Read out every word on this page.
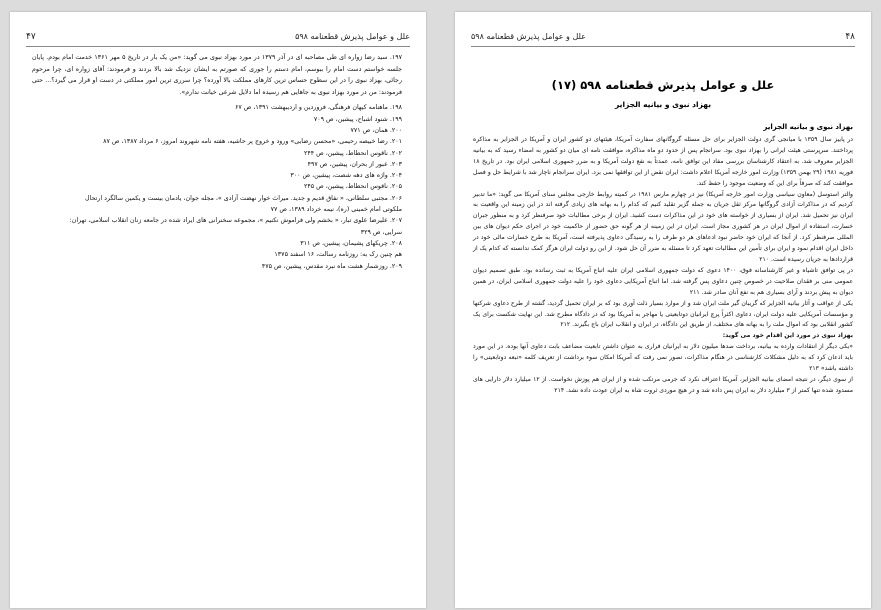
۴۷	علل و عوامل پذیرش قطعنامه ۵۹۸

۱۹۷. سید رضا زواره ای طی مصاحبه ای در آذر ۱۳۷۹ در مورد بهزاد نبوی می گوید: «من یک بار در تاریخ ۵ مهر ۱۳۶۱ خدمت امام بودم. پایان جلسه خواستم دست امام را ببوسم، امام دستم را جوری که صورتم به ایشان نزدیک شد بالا بردند و فرمودند: آقای زواره ای، چرا مرحوم رجائی، بهزاد نبوی را در این سطوح حساس ترین کارهای مملکت بالا آورده؟ چرا سرری ترین امور مملکتی در دست او قرار می گیرد؟... حتی فرمودند: من در مورد بهزاد نبوی به جاهایی هم رسیده اما دلایل شرعی خیانت ندارم».

۱۹۸. ماهنامه کیهان فرهنگی، فروردین و اردیبهشت ۱۳۹۱، ص ۶۷

۱۹۹. شنود اشباح، پیشین، ص ۷۰۹

۲۰۰. همان، ص ۷۷۱

۲۰۱. رضا خبیصه رحیمی، «محسن رضایی» ورود و خروج پر حاشیه، هفته نامه شهروند امروز، ۶ مرداد ۱۳۸۷، ص ۸۷

۲۰۲. ناقوس انحطاط، پیشین، ص ۲۴۴

۲۰۳. عبور از بحران، پیشین، ص ۴۹۷

۲۰۴. واژه های دهه شصت، پیشین، ص ۳۰۰

۲۰۵. ناقوس انحطاط، پیشین، ص ۲۴۵

۲۰۶. مجتبی سلطانی، « نفاق قدیم و جدید. میراث خوار نهضت آزادی »، مجله جوان، یادمان بیست و یکمین سالگرد ارتحال

ملکوتی امام خمینی (ره)، نیمه خرداد ۱۳۸۹، ص ۷۷

۲۰۷. علیرضا علوی تبار، « بخشم ولی فراموش نکنیم »، مجموعه سخنرانی های ایراد شده در جامعه زنان انقلاب اسلامی، تهران:

سرایی، ص ۳۲۹

۲۰۸. چریکهای پشیمان، پیشین، ص ۳۱۱

هم چنین رک به: روزنامه رسالت، ۱۶ اسفند ۱۳۷۵

۲۰۹. روزشمار هشت ماه نبرد مقدس، پیشین، ص ۴۷۵

۴۸
علل و عوامل پذیرش قطعنامه ۵۹۸
علل و عوامل پذیرش قطعنامه ۵۹۸ (۱۷)
بهزاد نبوی و بیانیه الجزایر
بهزاد نبوی و بیانیه الجزایر

در پاییز سال ۱۳۵۹ با میانجی گری دولت الجزایر برای حل مسئله گروگانهای سفارت آمریکا، هیئتهای دو کشور ایران و آمریکا در الجزایر به مذاکره پرداختند. سرپرستی هیئت ایرانی را بهزاد نبوی بود. سرانجام پس از حدود دو ماه مذاکره، موافقت نامه ای میان دو کشور به امضاء رسید که به بیانیه الجزایر معروف شد. به اعتقاد کارشناسان بررسی مفاد این توافق نامه، عمدتاً به نفع دولت آمریکا و به ضرر جمهوری اسلامی ایران بود. در تاریخ ۱۸ فوریه ۱۹۸۱ (۲۹ بهمن ۱۳۵۹) وزارت امور خارجه آمریکا اعلام داشت: ایران نقض از این توافقها نمی برد. ایران سرانجام ناچار شد با شرایط حل و فصل موافقت کند که صرفاً برای این که وضعیت موجود را حفظ کند.

والتر استوسل (معاون سیاسی وزارت امور خارجه آمریکا) نیز در چهارم مارس ۱۹۸۱ در کمیته روابط خارجی مجلس سنای آمریکا می گوید: «ما تدبیر کردیم که در مذاکرات آزادی گروگانها مرکز ثقل جریان به جمله گزیر تقلید کنیم که کدام را به بهانه های زیادی گرفته اند در این زمینه این واقعیت به ایران نیز تحمیل شد. ایران از بسیاری از خواسته های خود در این مذاکرات دست کشید. ایران از برخی مطالبات خود صرفنظر کرد و به منظور جبران خسارت، استفاده از اموال ایران در هر کشوری مجاز است. ایران در این زمینه از هر گونه حق حضور از حاکمیت خود در اجرای حکم دیوان های بین المللی صرفنظر کرد. از آنجا که ایران خود حاضر نبود ادعاهای هر دو طرف را به رسیدگی دعاوی پذیرفته است، آمریکا به طرح خسارات مالی خود در داخل ایران اقدام نمود و ایران برای تأمین این مطالبات تعهد کرد تا مسئله به ضرر آن حل شود. از این رو دولت ایران هرگز کمک ندانسته که کدام یک از قراردادها به جریان رسیده است. ۲۱۰

در پی توافق تاشیاه و غیر کارشناسانه فوق، ۱۴۰۰ دعوی که دولت جمهوری اسلامی ایران علیه اتباع آمریکا به ثبت رسانده بود، طبق تصمیم دیوان عمومی منی بر فقدان صلاحیت در خصوص چنین دعاوی پس گرفته شد. اما اتباع آمریکایی دعاوی خود را علیه دولت جمهوری اسلامی ایران، در همین دیوان به پیش بردند و آرای بسیاری هم به نفع آنان صادر شد. ۲۱۱

یکی از عواقب و آثار بیانیه الجزایر که گریبان گیر ملت ایران شد و از موارد بسیار ذلت آوری بود که بر ایران تحمیل گردید، گشته از طرح دعاوی شرکتها و مؤسسات آمریکایی علیه دولت ایران، دعاوی اکثراً پرچ ایرانیان دوتابعیتی یا مهاجر به آمریکا بود که در دادگاه مطرح شد. این نهایت شکست برای یک کشور انقلابی بود که اموال ملت را به بهانه های مختلف، از طریق این دادگاه، در ایران و انقلاب ایران باج بگیرند. ۲۱۲

بهزاد نبوی در مورد این اقدام خود می گوید:

«یکی دیگر از انتقادات وارده به بیانیه، برداخت صدها میلیون دلار به ایرانیان فراری به عنوان داشتن تابعیت مضاعف بابت دعاوی آنها بوده. در این مورد باید اذعان کرد که به دلیل مشکلات کارشناسی در هنگام مذاکرات، تصور نمی رفت که آمریکا امکان سوء برداشت از تعریف کلمه «تبعه دوتابعیتی» را داشته باشد» ۲۱۳

از سوی دیگر، در نتیجه امضای بیانیه الجزایر، آمریکا اعتراف نکرد که جرمی مرتکب شده و از ایران هم پوزش نخواست. از ۱۲ میلیارد دلار دارایی های مسدود شده تنها کمتر از ۳ میلیارد دلار به ایران پس داده شد و در هیچ موردی ثروت شاه به ایران عودت داده نشد. ۲۱۴
